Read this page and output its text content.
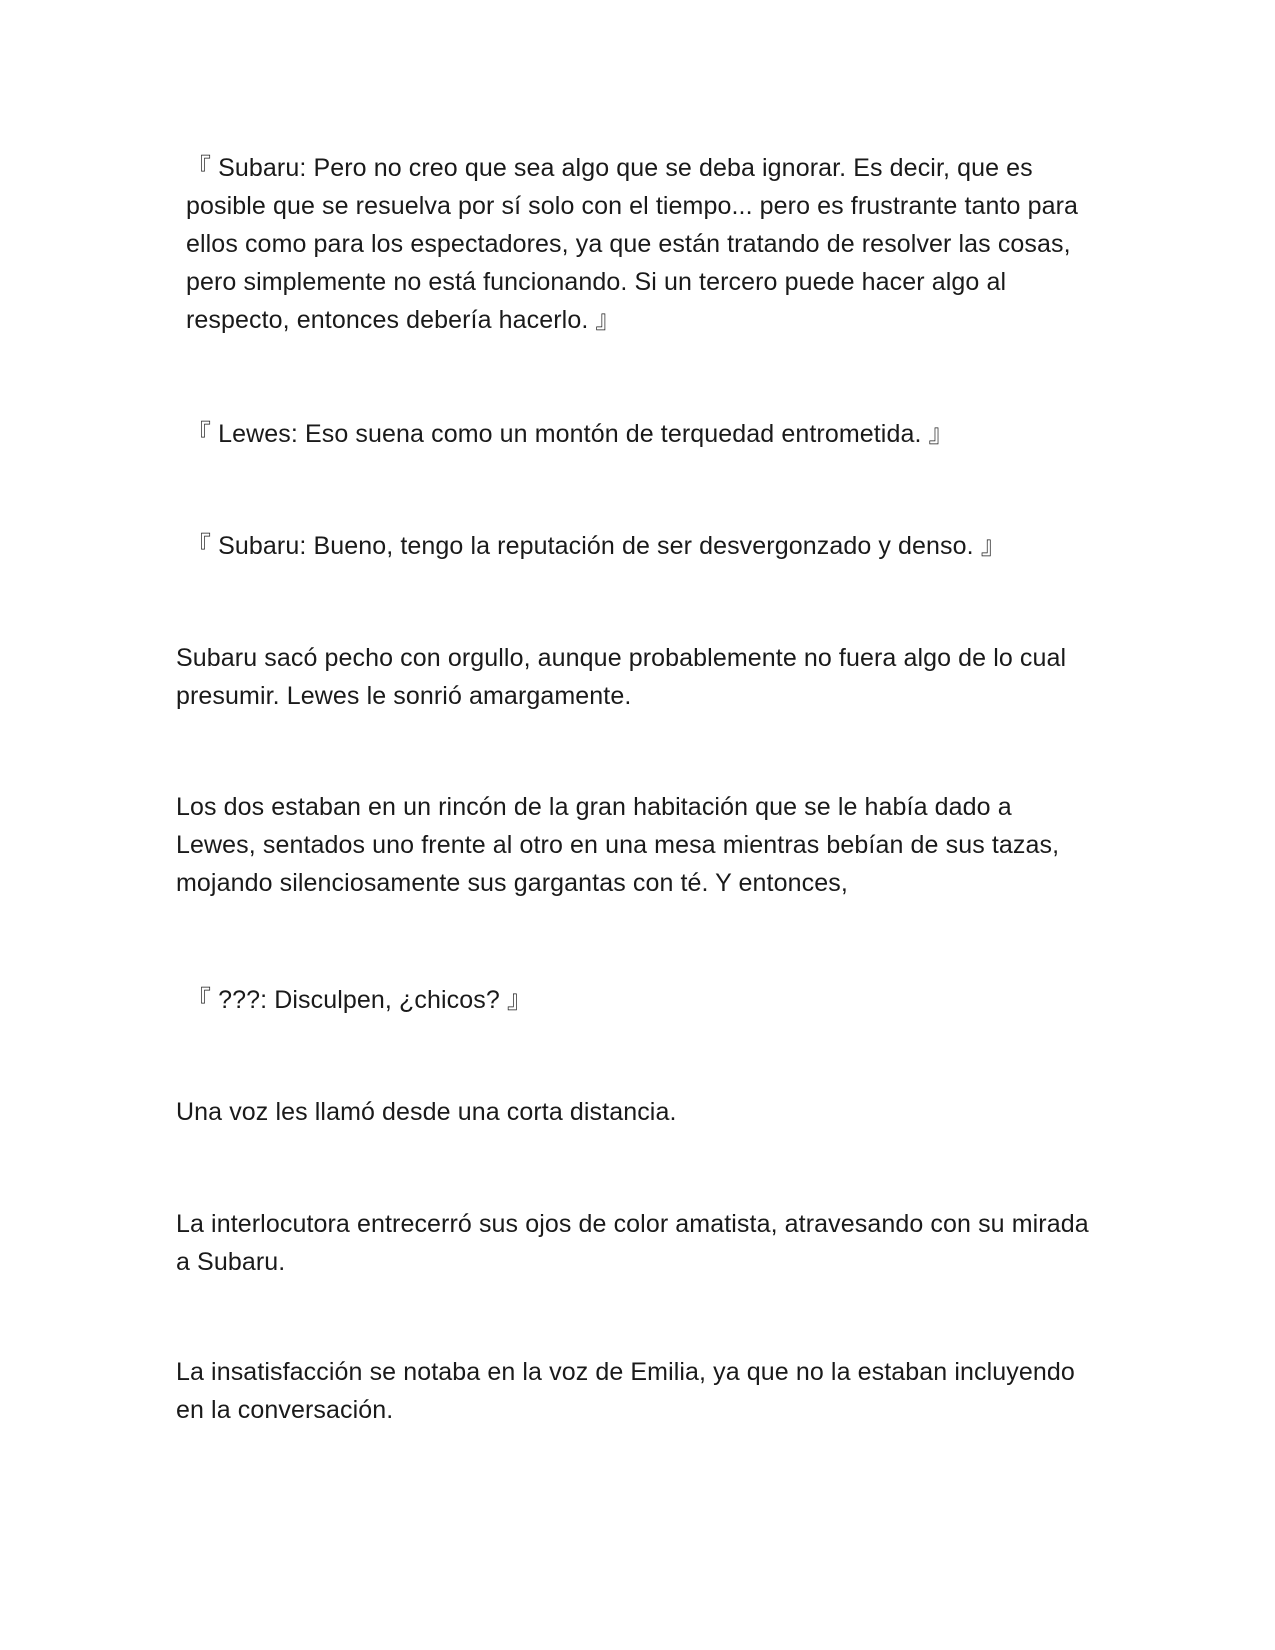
『 Subaru: Pero no creo que sea algo que se deba ignorar. Es decir, que es posible que se resuelva por sí solo con el tiempo... pero es frustrante tanto para ellos como para los espectadores, ya que están tratando de resolver las cosas, pero simplemente no está funcionando. Si un tercero puede hacer algo al respecto, entonces debería hacerlo. 』

『 Lewes: Eso suena como un montón de terquedad entrometida. 』

『 Subaru: Bueno, tengo la reputación de ser desvergonzado y denso. 』

Subaru sacó pecho con orgullo, aunque probablemente no fuera algo de lo cual presumir. Lewes le sonrió amargamente.

Los dos estaban en un rincón de la gran habitación que se le había dado a Lewes, sentados uno frente al otro en una mesa mientras bebían de sus tazas, mojando silenciosamente sus gargantas con té. Y entonces,

『 ???: Disculpen, ¿chicos? 』

Una voz les llamó desde una corta distancia.

La interlocutora entrecerró sus ojos de color amatista, atravesando con su mirada a Subaru.

La insatisfacción se notaba en la voz de Emilia, ya que no la estaban incluyendo en la conversación.
